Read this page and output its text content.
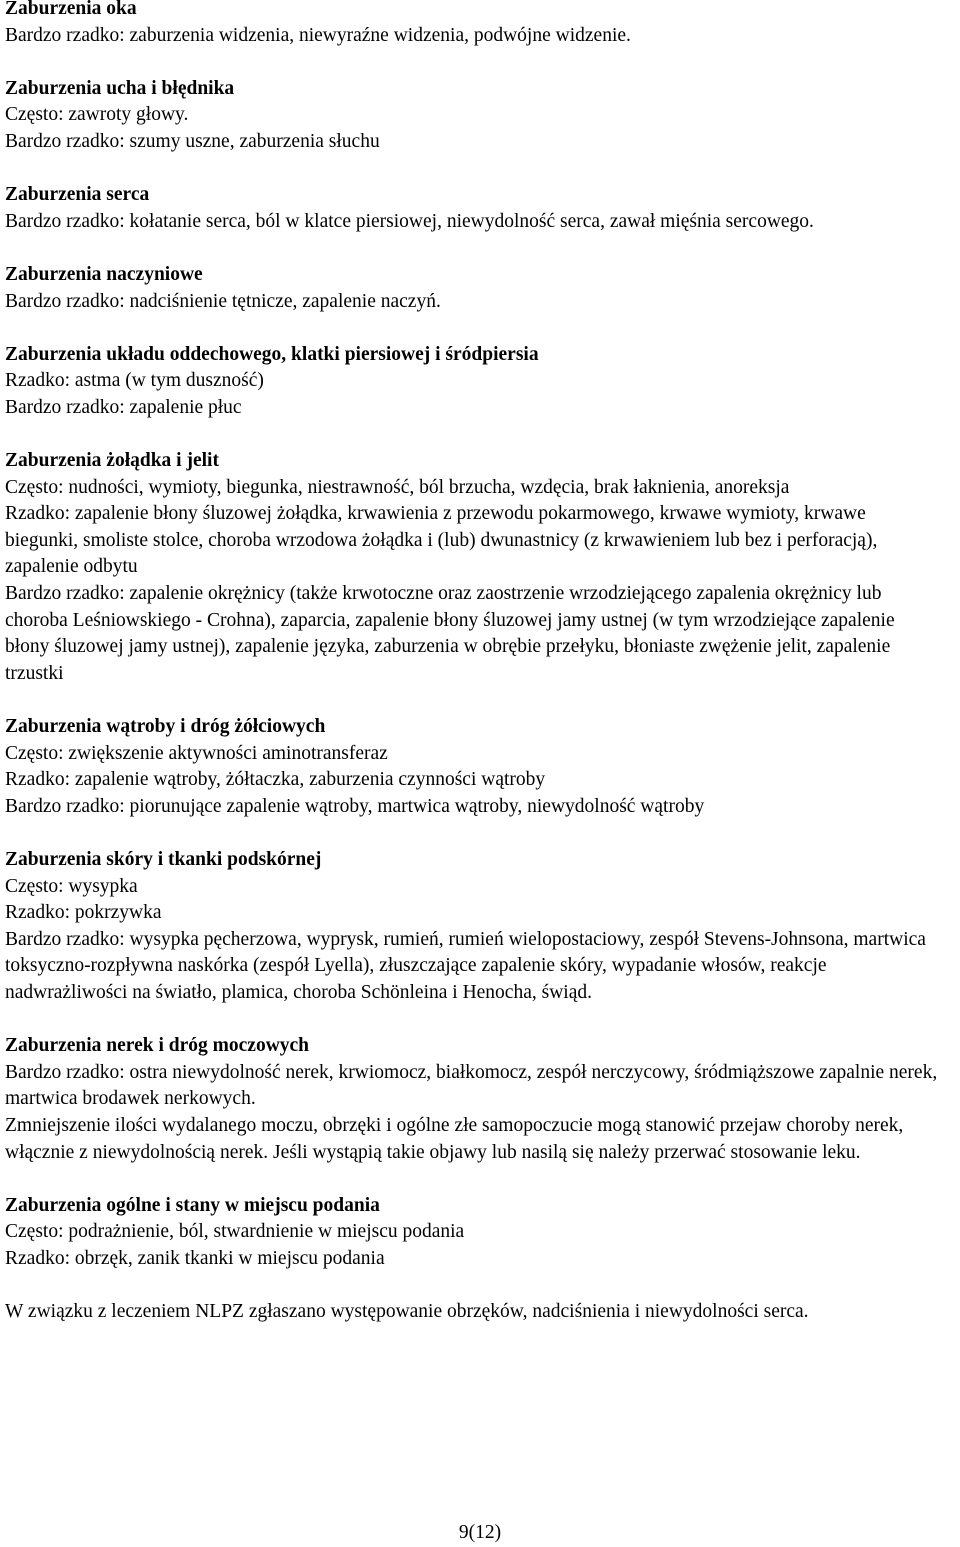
Zaburzenia oka
Bardzo rzadko: zaburzenia widzenia, niewyraźne widzenia, podwójne widzenie.
Zaburzenia ucha i błędnika
Często: zawroty głowy.
Bardzo rzadko: szumy uszne, zaburzenia słuchu
Zaburzenia serca
Bardzo rzadko: kołatanie serca, ból w klatce piersiowej, niewydolność serca, zawał mięśnia sercowego.
Zaburzenia naczyniowe
Bardzo rzadko: nadciśnienie tętnicze, zapalenie naczyń.
Zaburzenia układu oddechowego, klatki piersiowej i śródpiersia
Rzadko: astma (w tym duszność)
Bardzo rzadko: zapalenie płuc
Zaburzenia żołądka i jelit
Często: nudności, wymioty, biegunka, niestrawność, ból brzucha, wzdęcia, brak łaknienia, anoreksja
Rzadko: zapalenie błony śluzowej żołądka, krwawienia z przewodu pokarmowego, krwawe wymioty, krwawe biegunki, smoliste stolce, choroba wrzodowa żołądka i (lub) dwunastnicy (z krwawieniem lub bez i perforacją), zapalenie odbytu
Bardzo rzadko: zapalenie okrężnicy (także krwotoczne oraz zaostrzenie wrzodziejącego zapalenia okrężnicy lub choroba Leśniowskiego - Crohna), zaparcia, zapalenie błony śluzowej jamy ustnej (w tym wrzodziejące zapalenie błony śluzowej jamy ustnej), zapalenie języka, zaburzenia w obrębie przełyku, błoniaste zwężenie jelit, zapalenie trzustki
Zaburzenia wątroby i dróg żółciowych
Często: zwiększenie aktywności aminotransferaz
Rzadko: zapalenie wątroby, żółtaczka, zaburzenia czynności wątroby
Bardzo rzadko: piorunujące zapalenie wątroby, martwica wątroby, niewydolność wątroby
Zaburzenia skóry i tkanki podskórnej
Często: wysypka
Rzadko: pokrzywka
Bardzo rzadko: wysypka pęcherzowa, wyprysk, rumień, rumień wielopostaciowy, zespół Stevens-Johnsona, martwica toksyczno-rozpływna naskórka (zespół Lyella), złuszczające zapalenie skóry, wypadanie włosów, reakcje nadwrażliwości na światło, plamica, choroba Schönleina i Henocha, świąd.
Zaburzenia nerek i dróg moczowych
Bardzo rzadko: ostra niewydolność nerek, krwiomocz, białkomocz, zespół nerczycowy, śródmiąższowe zapalnie nerek, martwica brodawek nerkowych.
Zmniejszenie ilości wydalanego moczu, obrzęki i ogólne złe samopoczucie mogą stanowić przejaw choroby nerek, włącznie z niewydolnością nerek. Jeśli wystąpią takie objawy lub nasilą się należy przerwać stosowanie leku.
Zaburzenia ogólne i stany w miejscu podania
Często: podrażnienie, ból, stwardnienie w miejscu podania
Rzadko: obrzęk, zanik tkanki w miejscu podania
W związku z leczeniem NLPZ zgłaszano występowanie obrzęków, nadciśnienia i niewydolności serca.
9(12)
